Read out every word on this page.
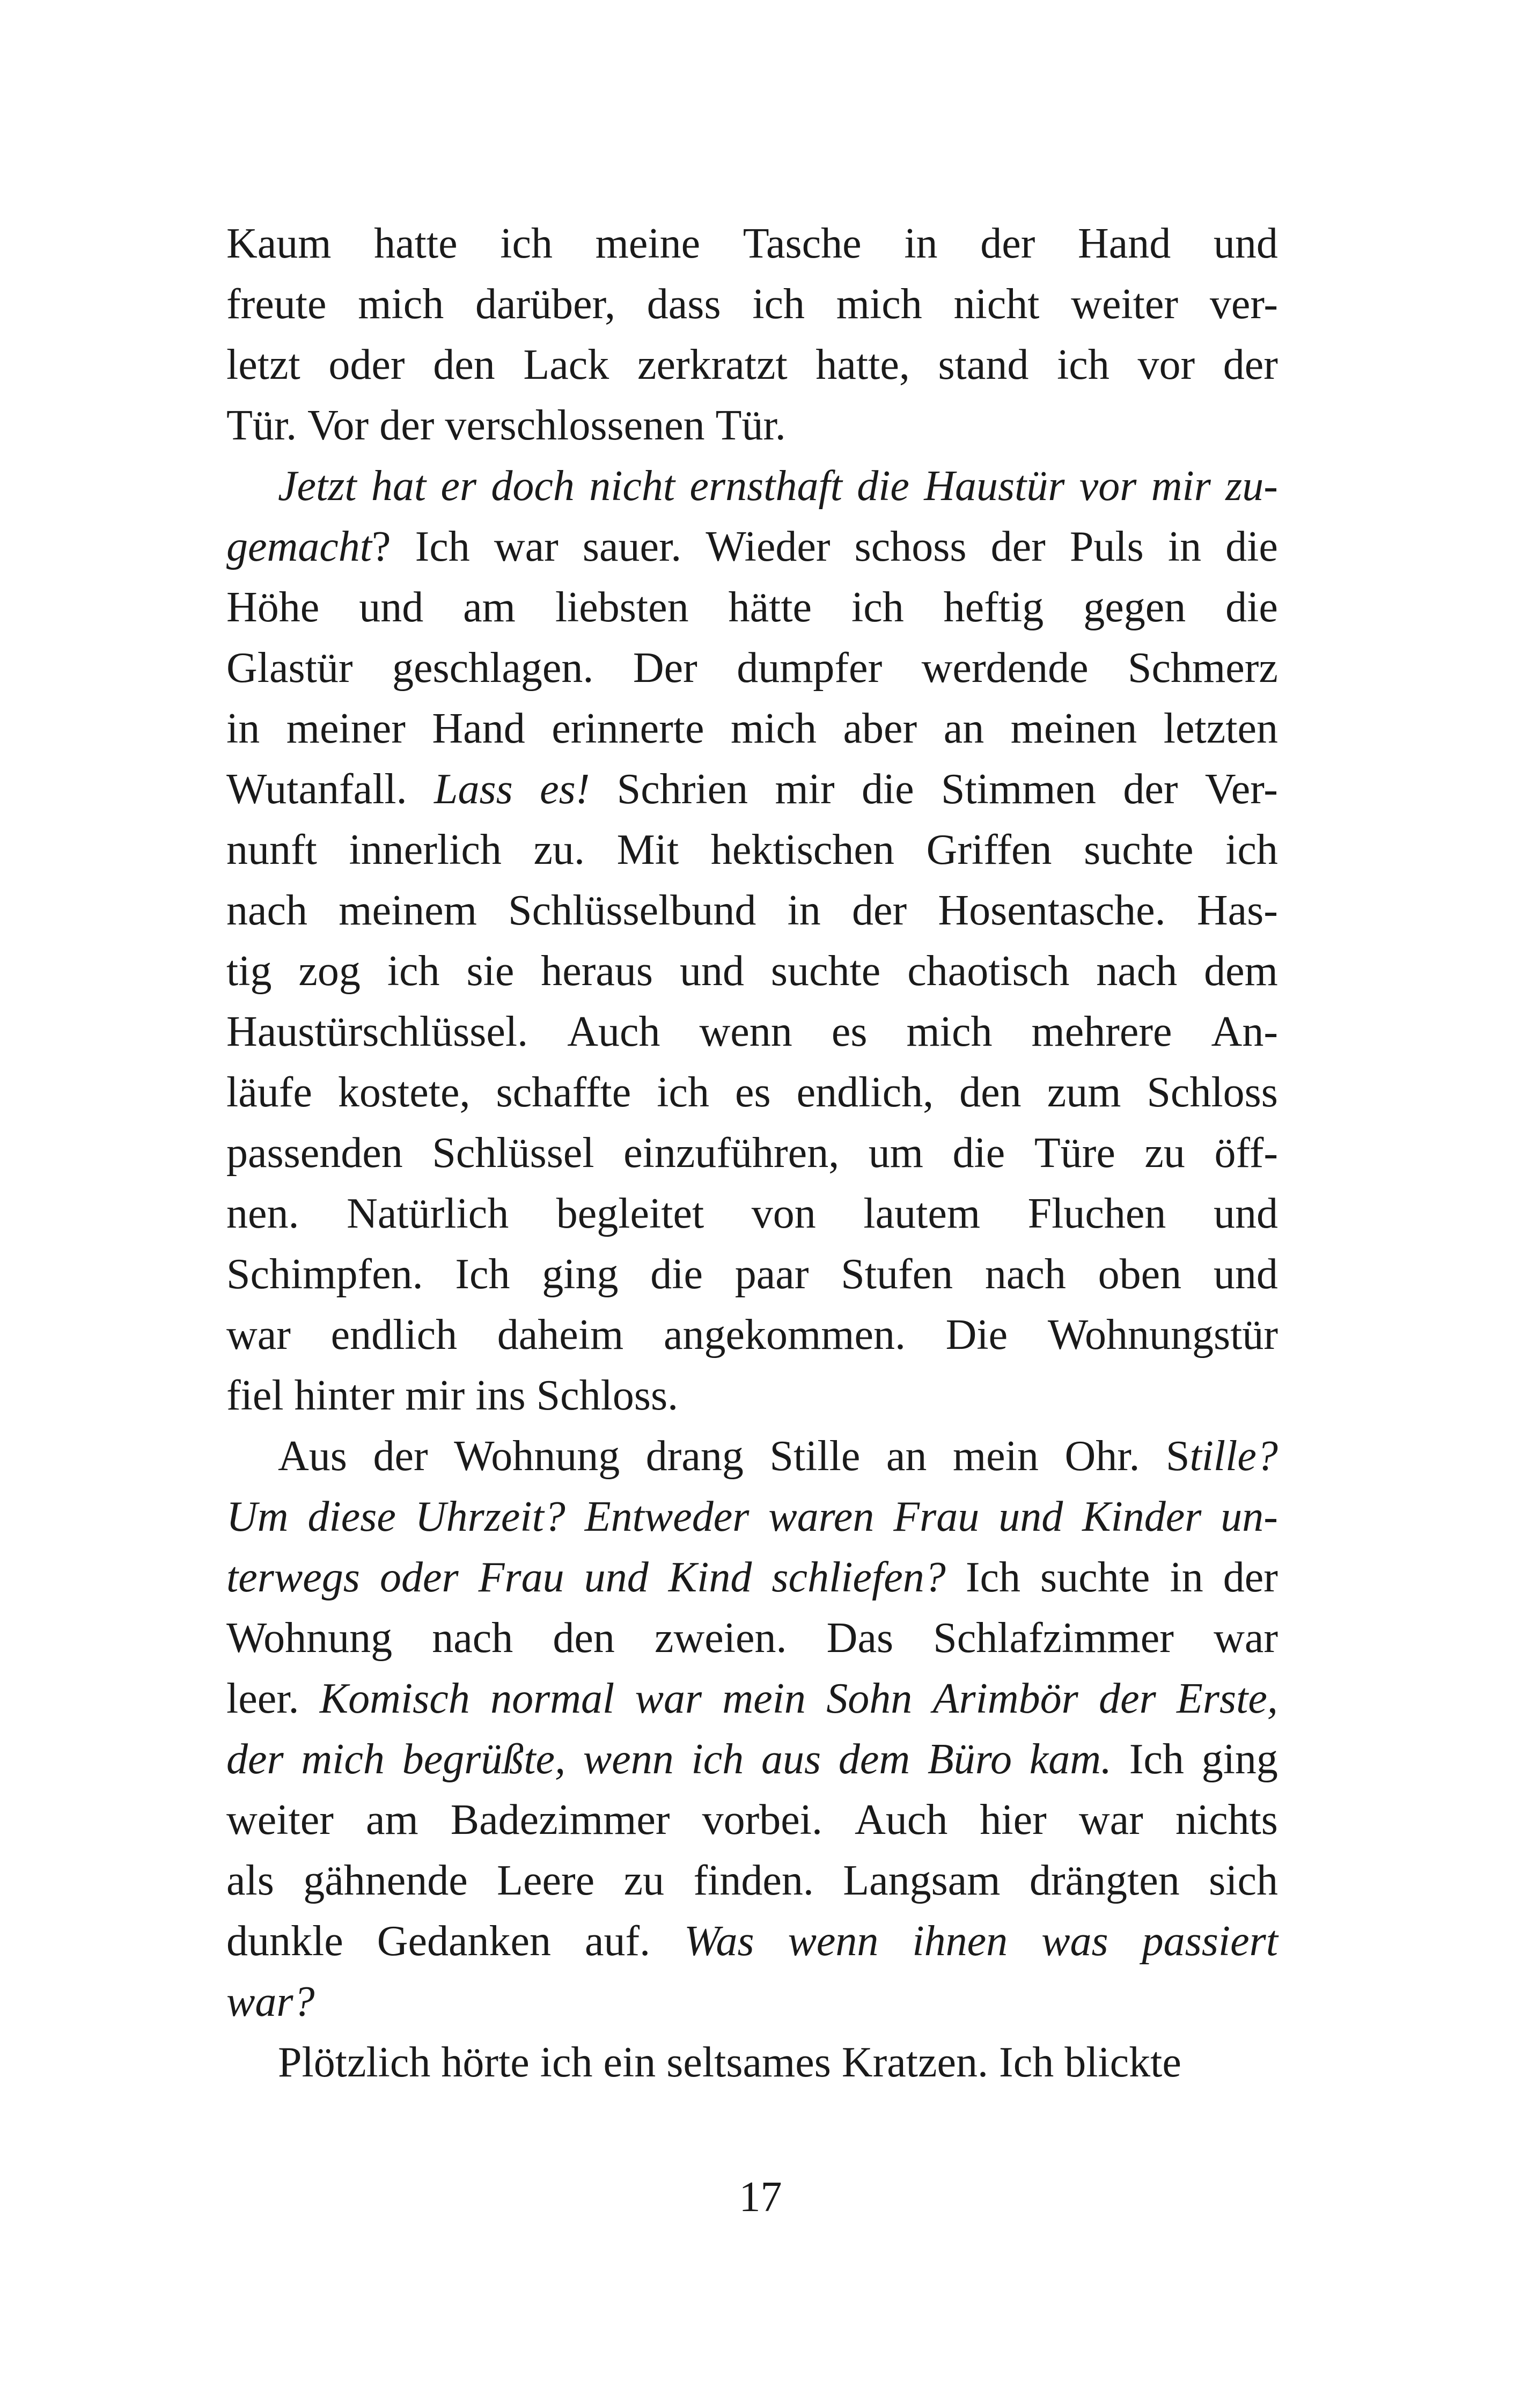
Kaum hatte ich meine Tasche in der Hand und
freute mich darüber, dass ich mich nicht weiter ver-
letzt oder den Lack zerkratzt hatte, stand ich vor der
Tür. Vor der verschlossenen Tür.
Jetzt hat er doch nicht ernsthaft die Haustür vor mir zu-
gemacht? Ich war sauer. Wieder schoss der Puls in die
Höhe und am liebsten hätte ich heftig gegen die
Glastür geschlagen. Der dumpfer werdende Schmerz
in meiner Hand erinnerte mich aber an meinen letzten
Wutanfall. Lass es! Schrien mir die Stimmen der Ver-
nunft innerlich zu. Mit hektischen Griffen suchte ich
nach meinem Schlüsselbund in der Hosentasche. Has-
tig zog ich sie heraus und suchte chaotisch nach dem
Haustürschlüssel. Auch wenn es mich mehrere An-
läufe kostete, schaffte ich es endlich, den zum Schloss
passenden Schlüssel einzuführen, um die Türe zu öff-
nen. Natürlich begleitet von lautem Fluchen und
Schimpfen. Ich ging die paar Stufen nach oben und
war endlich daheim angekommen. Die Wohnungstür
fiel hinter mir ins Schloss.
Aus der Wohnung drang Stille an mein Ohr. Stille?
Um diese Uhrzeit? Entweder waren Frau und Kinder un-
terwegs oder Frau und Kind schliefen? Ich suchte in der
Wohnung nach den zweien. Das Schlafzimmer war
leer. Komisch normal war mein Sohn Arimbör der Erste,
der mich begrüßte, wenn ich aus dem Büro kam. Ich ging
weiter am Badezimmer vorbei. Auch hier war nichts
als gähnende Leere zu finden. Langsam drängten sich
dunkle Gedanken auf. Was wenn ihnen was passiert
war?
Plötzlich hörte ich ein seltsames Kratzen. Ich blickte
17
